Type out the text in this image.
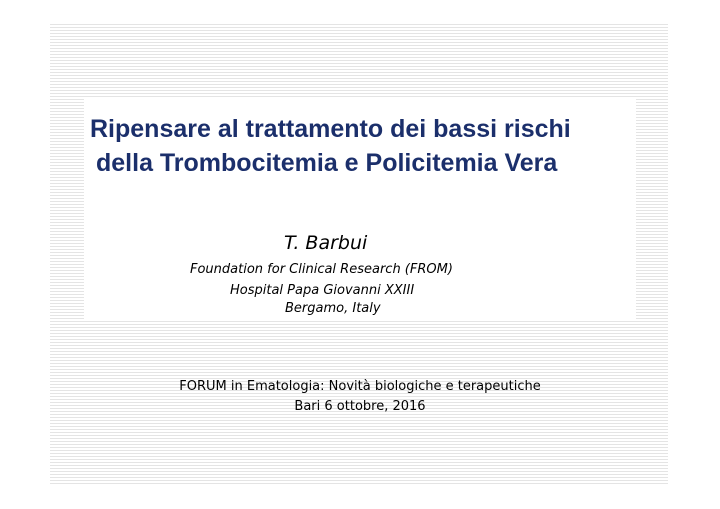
Ripensare al trattamento dei bassi rischi
della Trombocitemia e Policitemia Vera
T. Barbui
Foundation for Clinical Research (FROM)
Hospital Papa Giovanni XXIII
Bergamo, Italy
FORUM in Ematologia: Novità biologiche e terapeutiche
Bari 6 ottobre, 2016
